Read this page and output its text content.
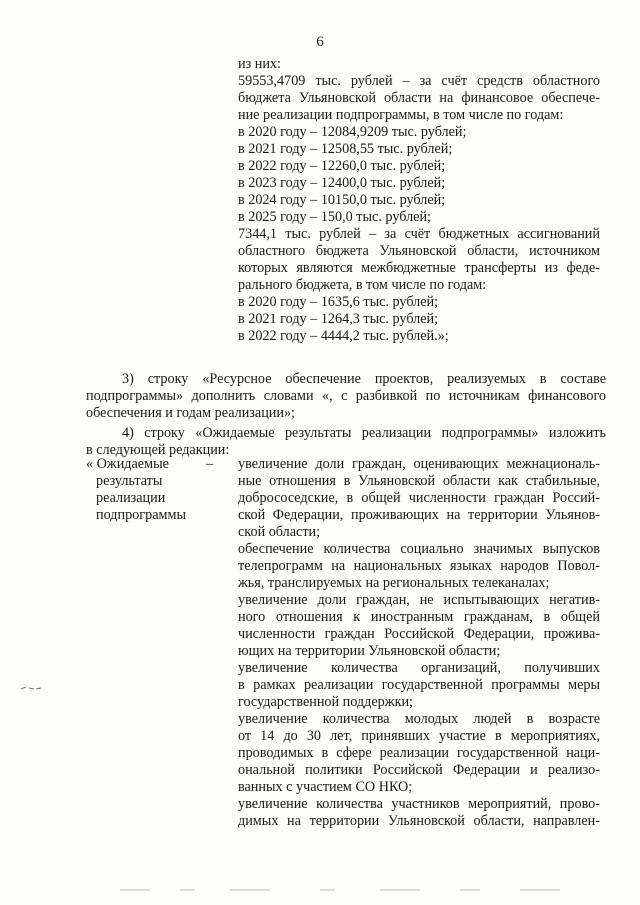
6
из них:
59553,4709 тыс. рублей – за счёт средств областного
бюджета Ульяновской области на финансовое обеспече-
ние реализации подпрограммы, в том числе по годам:
в 2020 году – 12084,9209 тыс. рублей;
в 2021 году – 12508,55 тыс. рублей;
в 2022 году – 12260,0 тыс. рублей;
в 2023 году – 12400,0 тыс. рублей;
в 2024 году – 10150,0 тыс. рублей;
в 2025 году – 150,0 тыс. рублей;
7344,1 тыс. рублей – за счёт бюджетных ассигнований
областного бюджета Ульяновской области, источником
которых являются межбюджетные трансферты из феде-
рального бюджета, в том числе по годам:
в 2020 году – 1635,6 тыс. рублей;
в 2021 году – 1264,3 тыс. рублей;
в 2022 году – 4444,2 тыс. рублей.»;
3) строку «Ресурсное обеспечение проектов, реализуемых в составе
подпрограммы» дополнить словами «, с разбивкой по источникам финансового
обеспечения и годам реализации»;
4) строку «Ожидаемые результаты реализации подпрограммы» изложить
в следующей редакции:
« Ожидаемые
результаты
реализации
подпрограммы
– увеличение доли граждан, оценивающих межнациональ-
ные отношения в Ульяновской области как стабильные,
добрососедские, в общей численности граждан Россий-
ской Федерации, проживающих на территории Ульянов-
ской области;
обеспечение количества социально значимых выпусков
телепрограмм на национальных языках народов Повол-
жья, транслируемых на региональных телеканалах;
увеличение доли граждан, не испытывающих негатив-
ного отношения к иностранным гражданам, в общей
численности граждан Российской Федерации, прожива-
ющих на территории Ульяновской области;
увеличение количества организаций, получивших
в рамках реализации государственной программы меры
государственной поддержки;
увеличение количества молодых людей в возрасте
от 14 до 30 лет, принявших участие в мероприятиях,
проводимых в сфере реализации государственной наци-
ональной политики Российской Федерации и реализо-
ванных с участием СО НКО;
увеличение количества участников мероприятий, прово-
димых на территории Ульяновской области, направлен-
